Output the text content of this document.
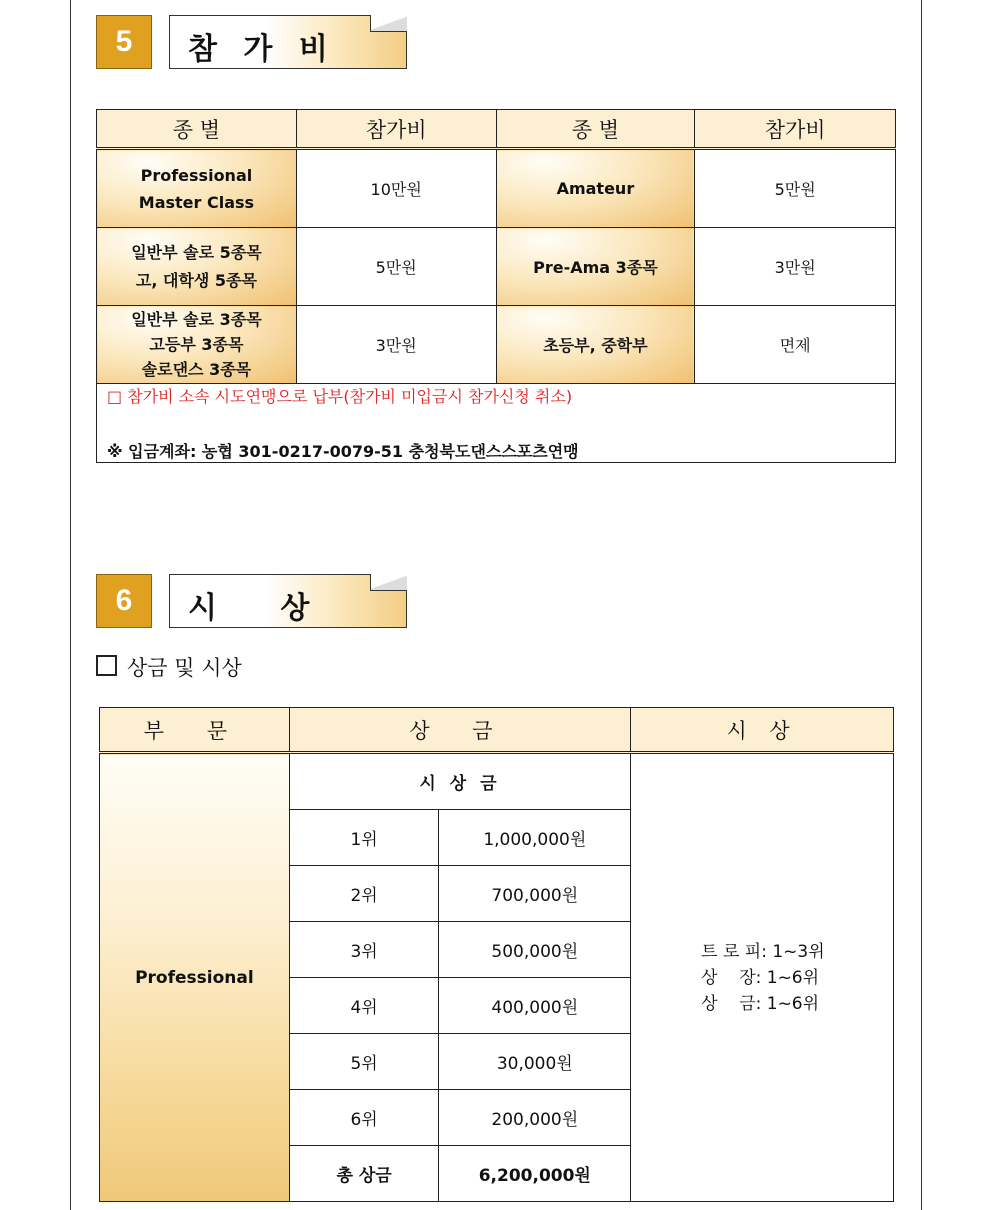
5	참 가 비
종 별	참가비	종 별	참가비

Professional
Master Class	10만원	Amateur	5만원

일반부 솔로 5종목
고, 대학생 5종목	5만원	Pre-Ama 3종목	3만원

일반부 솔로 3종목
고등부 3종목
솔로댄스 3종목	3만원	초등부, 중학부	면제

□ 참가비 소속 시도연맹으로 납부(참가비 미입금시 참가신청 취소)
※ 입금계좌: 농협 301-0217-0079-51 충청북도댄스스포츠연맹			
6	시   상
상금 및 시상
부 문	상 금		시 상
Professional	시 상 금		트 로 피: 1~3위
상    장: 1~6위
상    금: 1~6위

	1위	1,000,000원	
	2위	700,000원	
	3위	500,000원	
	4위	400,000원	
	5위	30,000원	
	6위	200,000원	
	총 상금	6,200,000원	
